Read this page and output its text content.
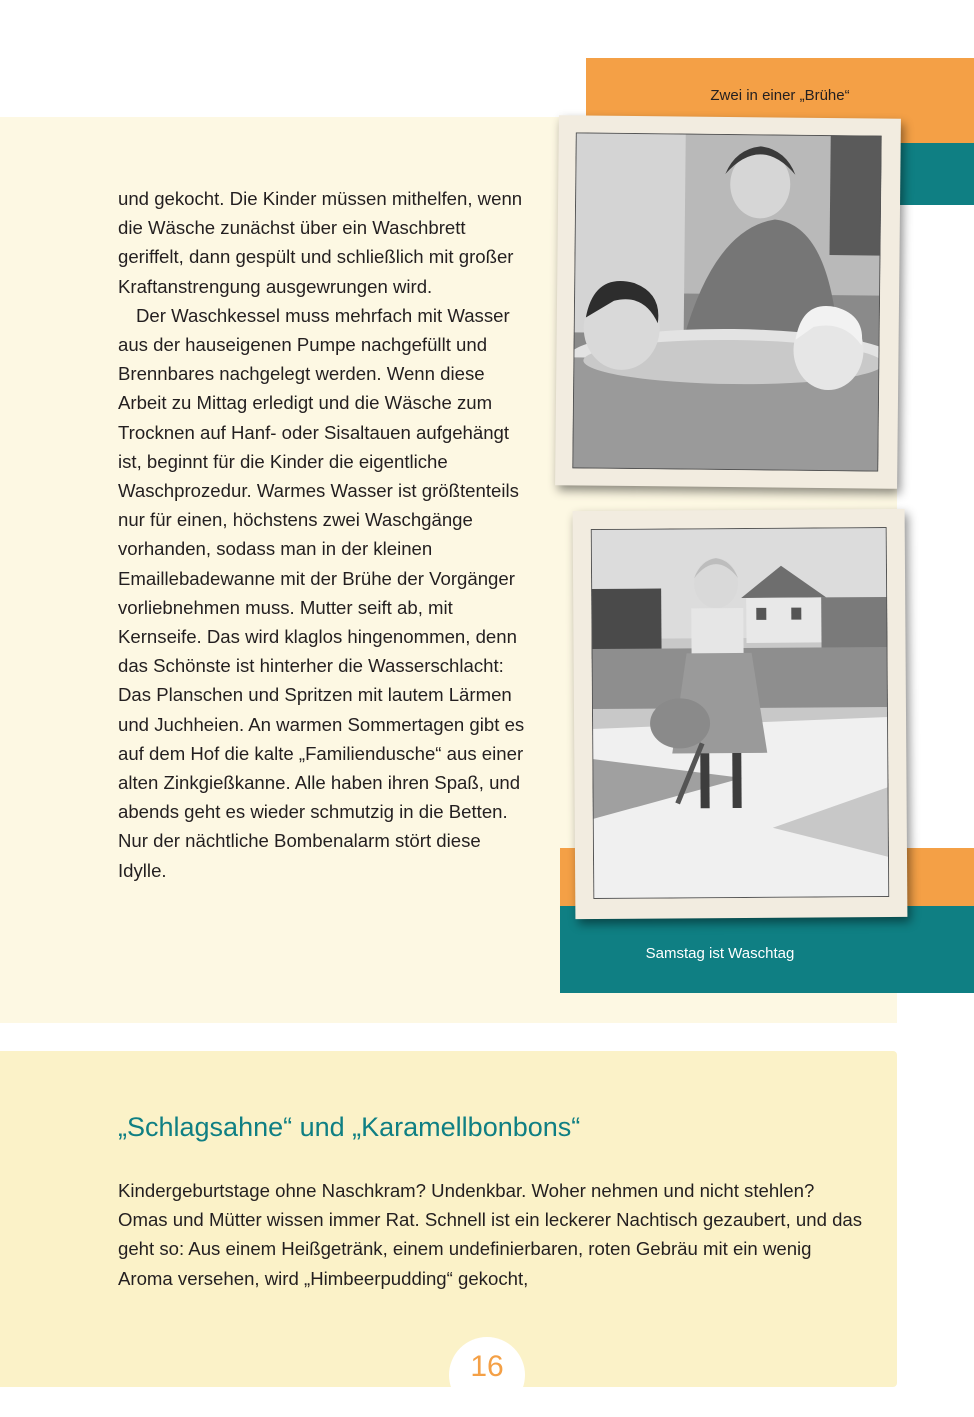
Zwei in einer „Brühe“
Samstag ist Waschtag

und gekocht. Die Kinder müssen mithelfen, wenn die Wäsche zunächst über ein Waschbrett geriffelt, dann gespült und schließlich mit großer Kraftanstrengung ausgewrungen wird.

Der Waschkessel muss mehrfach mit Wasser aus der hauseigenen Pumpe nachgefüllt und Brennbares nachgelegt werden. Wenn diese Arbeit zu Mittag erledigt und die Wäsche zum Trocknen auf Hanf- oder Sisaltauen aufgehängt ist, beginnt für die Kinder die eigentliche Waschprozedur. Warmes Wasser ist größtenteils nur für einen, höchstens zwei Waschgänge vorhanden, sodass man in der kleinen Emaillebadewanne mit der Brühe der Vorgänger vorliebnehmen muss. Mutter seift ab, mit Kernseife. Das wird klaglos hingenommen, denn das Schönste ist hinterher die Wasserschlacht: Das Planschen und Spritzen mit lautem Lärmen und Juchheien. An warmen Sommertagen gibt es auf dem Hof die kalte „Familiendusche“ aus einer alten Zinkgießkanne. Alle haben ihren Spaß, und abends geht es wieder schmutzig in die Betten. Nur der nächtliche Bombenalarm stört diese Idylle.

„Schlagsahne“ und „Karamellbonbons“
Kindergeburtstage ohne Naschkram? Undenkbar. Woher nehmen und nicht stehlen? Omas und Mütter wissen immer Rat. Schnell ist ein leckerer Nachtisch gezaubert, und das geht so: Aus einem Heißgetränk, einem undefinierbaren, roten Gebräu mit ein wenig Aroma versehen, wird „Himbeerpudding“ gekocht,
16
